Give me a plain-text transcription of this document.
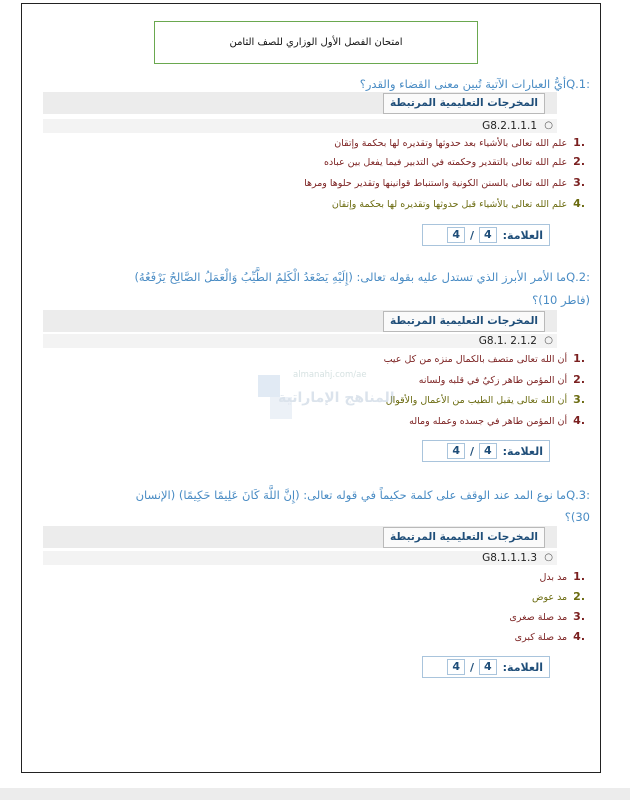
امتحان الفصل الأول الوزاري للصف الثامن
:Q.1أيُّ العبارات الآتية تُبين معنى القضاء والقدر؟
المخرجات التعليمية المرتبطة
G8.2.1.1.1 ○
.1
علم الله تعالى بالأشياء بعد حدوثها وتقديره لها بحكمة وإتقان
.2
علم الله تعالى بالتقدير وحكمته في التدبير فيما يفعل بين عباده
.3
علم الله تعالى بالسنن الكونية واستنباط قوانينها وتقدير حلوها ومرها
.4
علم الله تعالى بالأشياء قبل حدوثها وتقديره لها بحكمة وإتقان
العلامة:
4
/
4
:Q.2ما الأمر الأبرز الذي تستدل عليه بقوله تعالى: (إِلَيْهِ يَصْعَدُ الْكَلِمُ الطَّيِّبُ وَالْعَمَلُ الصَّالِحُ يَرْفَعُهُ)
(فاطر 10)؟
المخرجات التعليمية المرتبطة
G8.1. 2.1.2 ○
.1
أن الله تعالى متصف بالكمال منزه من كل عيب
.2
أن المؤمن طاهر زكيٌ في قلبه ولسانه
.3
أن الله تعالى يقبل الطيب من الأعمال والأقوال
.4
أن المؤمن طاهر في جسده وعمله وماله
العلامة:
4
/
4
almanahj.com/ae
المناهج الإماراتية
:Q.3ما نوع المد عند الوقف على كلمة حكيماً في قوله تعالى: (إِنَّ اللَّهَ كَانَ عَلِيمًا حَكِيمًا) (الإنسان
30)؟
المخرجات التعليمية المرتبطة
G8.1.1.1.3 ○
.1
مد بدل
.2
مد عوض
.3
مد صلة صغرى
.4
مد صلة كبرى
العلامة:
4
/
4
